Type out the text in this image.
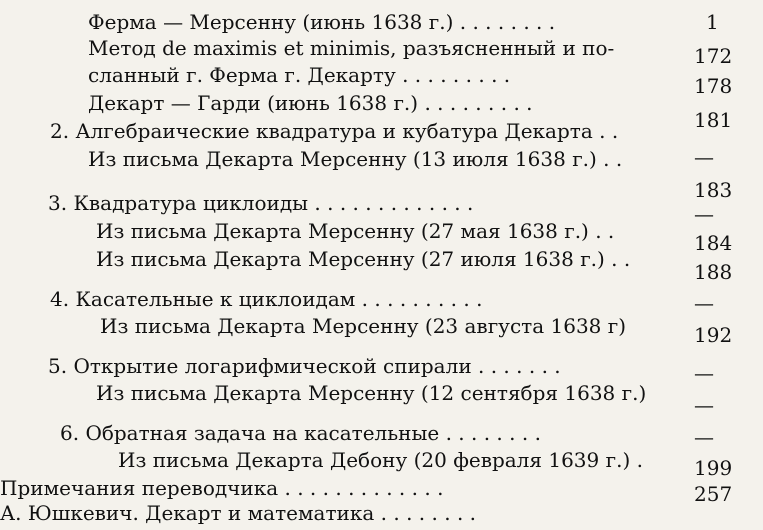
Ферма — Мерсенну (июнь 1638 г.) . . . . . . . .
Метод de maximis et minimis, разъясненный и по-
сланный г. Ферма г. Декарту . . . . . . . . .
Декарт — Гарди (июнь 1638 г.) . . . . . . . . .
2. Алгебраические квадратура и кубатура Декарта . .
Из письма Декарта Мерсенну (13 июля 1638 г.) . .
3. Квадратура циклоиды . . . . . . . . . . . . .
Из письма Декарта Мерсенну (27 мая 1638 г.) . .
Из письма Декарта Мерсенну (27 июля 1638 г.) . .
4. Касательные к циклоидам . . . . . . . . . .
Из письма Декарта Мерсенну (23 августа 1638 г)
5. Открытие логарифмической спирали . . . . . . .
Из письма Декарта Мерсенну (12 сентября 1638 г.)
6. Обратная задача на касательные . . . . . . . .
Из письма Декарта Дебону (20 февраля 1639 г.) .
Примечания переводчика . . . . . . . . . . . . .
А. Юшкевич. Декарт и математика . . . . . . . .
1
172
178
181
—
183
—
184
188
—
192
—
—
—
199
257
